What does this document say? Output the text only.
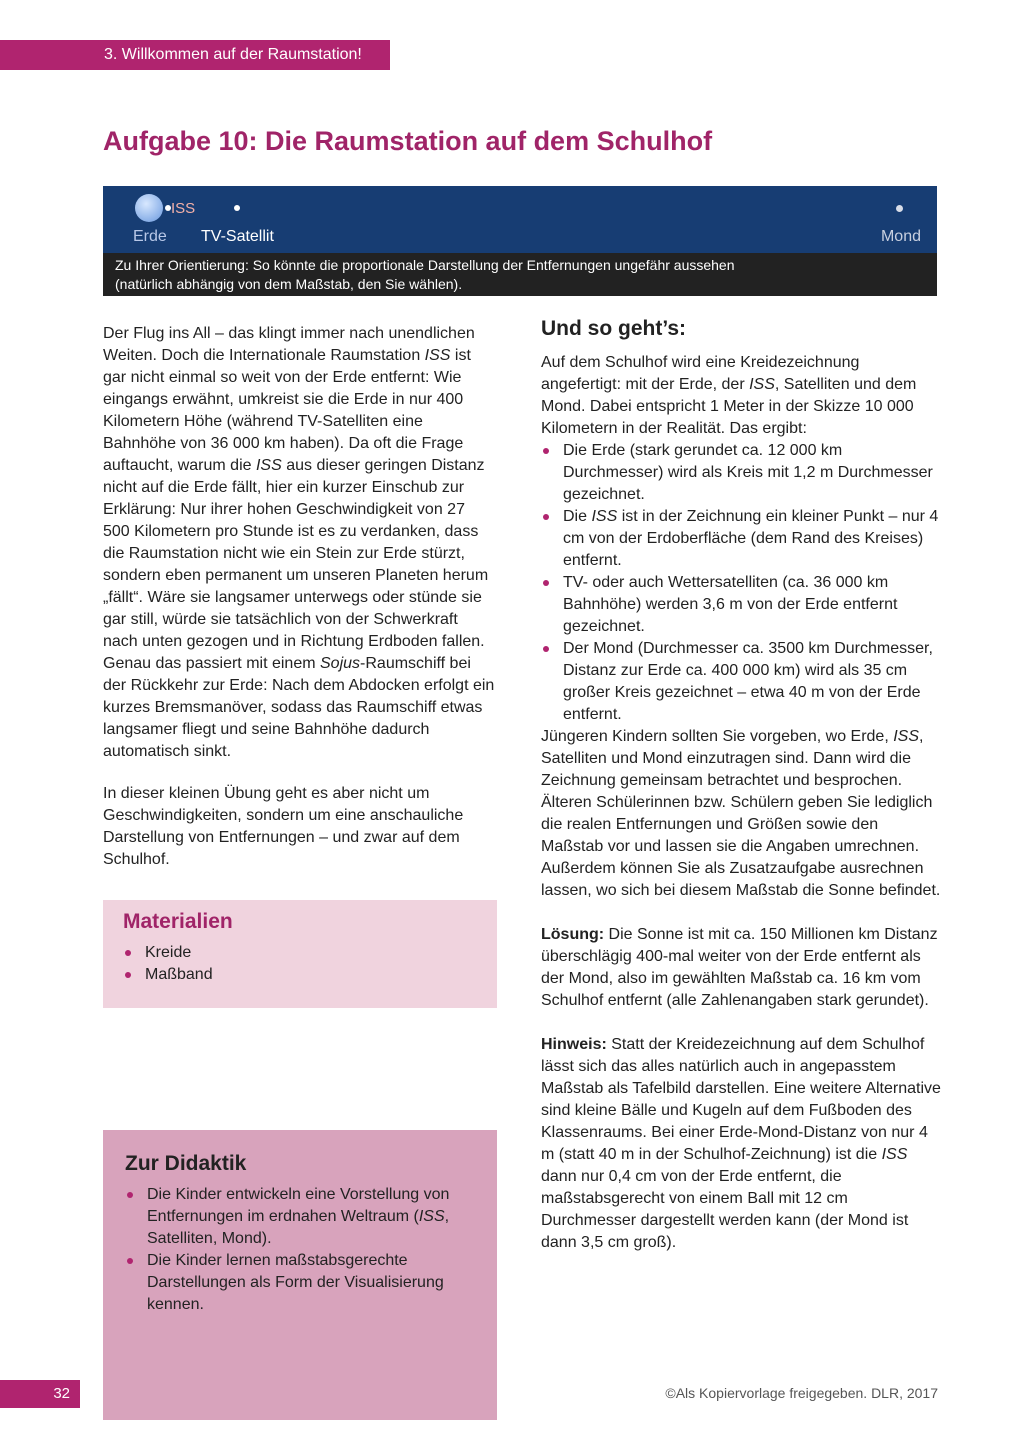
3. Willkommen auf der Raumstation!
Aufgabe 10: Die Raumstation auf dem Schulhof
ISS
Erde TV-Satellit	Mond
Zu Ihrer Orientierung: So könnte die proportionale Darstellung der Entfernungen ungefähr aussehen
(natürlich abhängig von dem Maßstab, den Sie wählen).

Der Flug ins All – das klingt immer nach unendlichen Weiten. Doch die Internationale Raumstation ISS ist gar nicht einmal so weit von der Erde entfernt: Wie eingangs erwähnt, umkreist sie die Erde in nur 400 Kilometern Höhe (während TV-Satelliten eine Bahnhöhe von 36 000 km haben). Da oft die Frage auftaucht, warum die ISS aus dieser geringen Distanz nicht auf die Erde fällt, hier ein kurzer Einschub zur Erklärung: Nur ihrer hohen Geschwindigkeit von 27 500 Kilometern pro Stunde ist es zu verdanken, dass die Raumstation nicht wie ein Stein zur Erde stürzt, sondern eben permanent um unseren Planeten herum „fällt“. Wäre sie langsamer unterwegs oder stünde sie gar still, würde sie tatsächlich von der Schwerkraft nach unten gezogen und in Richtung Erdboden fallen. Genau das passiert mit einem Sojus-Raumschiff bei der Rückkehr zur Erde: Nach dem Abdocken erfolgt ein kurzes Bremsmanöver, sodass das Raumschiff etwas langsamer fliegt und seine Bahnhöhe dadurch automatisch sinkt.

In dieser kleinen Übung geht es aber nicht um Geschwindigkeiten, sondern um eine anschauliche Darstellung von Entfernungen – und zwar auf dem Schulhof.

Materialien
Kreide
Maßband
Zur Didaktik
Die Kinder entwickeln eine Vorstellung von Entfernungen im erdnahen Weltraum (ISS, Satelliten, Mond).
Die Kinder lernen maßstabsgerechte Darstellungen als Form der Visualisierung kennen.
Und so geht’s:

Auf dem Schulhof wird eine Kreidezeichnung angefertigt: mit der Erde, der ISS, Satelliten und dem Mond. Dabei entspricht 1 Meter in der Skizze 10 000 Kilometern in der Realität. Das ergibt:

Die Erde (stark gerundet ca. 12 000 km Durchmesser) wird als Kreis mit 1,2 m Durchmesser gezeichnet.
Die ISS ist in der Zeichnung ein kleiner Punkt – nur 4 cm von der Erdoberfläche (dem Rand des Kreises) entfernt.
TV- oder auch Wettersatelliten (ca. 36 000 km Bahnhöhe) werden 3,6 m von der Erde entfernt gezeichnet.
Der Mond (Durchmesser ca. 3500 km Durchmesser, Distanz zur Erde ca. 400 000 km) wird als 35 cm großer Kreis gezeichnet – etwa 40 m von der Erde entfernt.

Jüngeren Kindern sollten Sie vorgeben, wo Erde, ISS, Satelliten und Mond einzutragen sind. Dann wird die Zeichnung gemeinsam betrachtet und besprochen. Älteren Schülerinnen bzw. Schülern geben Sie lediglich die realen Entfernungen und Größen sowie den Maßstab vor und lassen sie die Angaben umrechnen. Außerdem können Sie als Zusatzaufgabe ausrechnen lassen, wo sich bei diesem Maßstab die Sonne befindet.

Lösung: Die Sonne ist mit ca. 150 Millionen km Distanz überschlägig 400-mal weiter von der Erde entfernt als der Mond, also im gewählten Maßstab ca. 16 km vom Schulhof entfernt (alle Zahlenangaben stark gerundet).

Hinweis: Statt der Kreidezeichnung auf dem Schulhof lässt sich das alles natürlich auch in angepasstem Maßstab als Tafelbild darstellen. Eine weitere Alternative sind kleine Bälle und Kugeln auf dem Fußboden des Klassenraums. Bei einer Erde-Mond-Distanz von nur 4 m (statt 40 m in der Schulhof-Zeichnung) ist die ISS dann nur 0,4 cm von der Erde entfernt, die maßstabsgerecht von einem Ball mit 12 cm Durchmesser dargestellt werden kann (der Mond ist dann 3,5 cm groß).

32	©Als Kopiervorlage freigegeben. DLR, 2017
